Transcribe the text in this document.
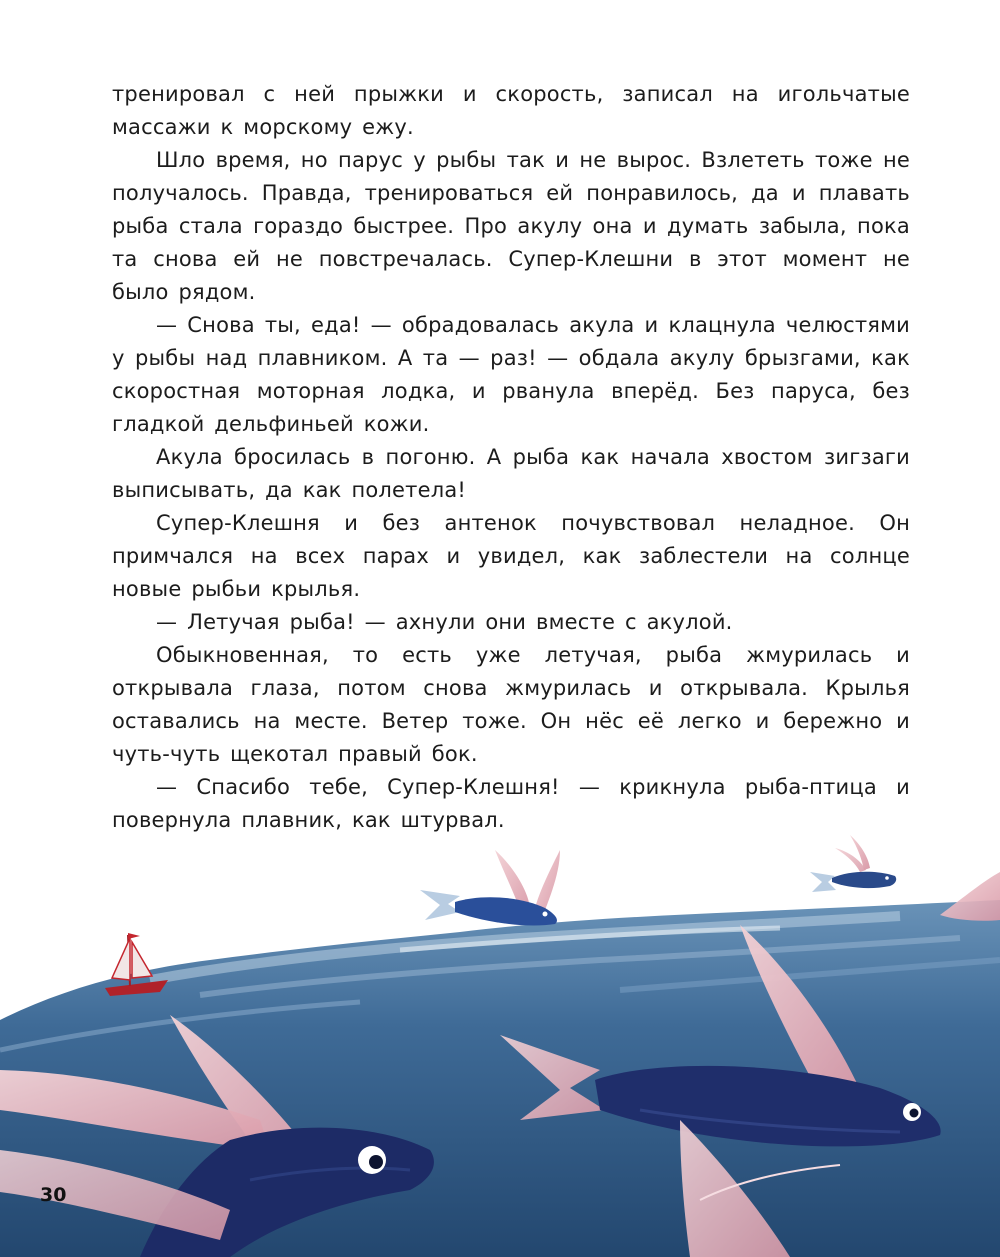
тренировал с ней прыжки и скорость, записал на игольчатые массажи к морскому ежу.

Шло время, но парус у рыбы так и не вырос. Взлететь тоже не получалось. Правда, тренироваться ей понравилось, да и плавать рыба стала гораздо быстрее. Про акулу она и думать забыла, пока та снова ей не повстречалась. Супер-Клешни в этот момент не было рядом.

— Снова ты, еда! — обрадовалась акула и клацнула челюстями у рыбы над плавником. А та — раз! — обдала акулу брызгами, как скоростная моторная лодка, и рванула вперёд. Без паруса, без гладкой дельфиньей кожи.

Акула бросилась в погоню. А рыба как начала хвостом зигзаги выписывать, да как полетела!

Супер-Клешня и без антенок почувствовал неладное. Он примчался на всех парах и увидел, как заблестели на солнце новые рыбьи крылья.

— Летучая рыба! — ахнули они вместе с акулой.

Обыкновенная, то есть уже летучая, рыба жмурилась и открывала глаза, потом снова жмурилась и открывала. Крылья оставались на месте. Ветер тоже. Он нёс её легко и бережно и чуть-чуть щекотал правый бок.

— Спасибо тебе, Супер-Клешня! — крикнула рыба-птица и повернула плавник, как штурвал.

30
